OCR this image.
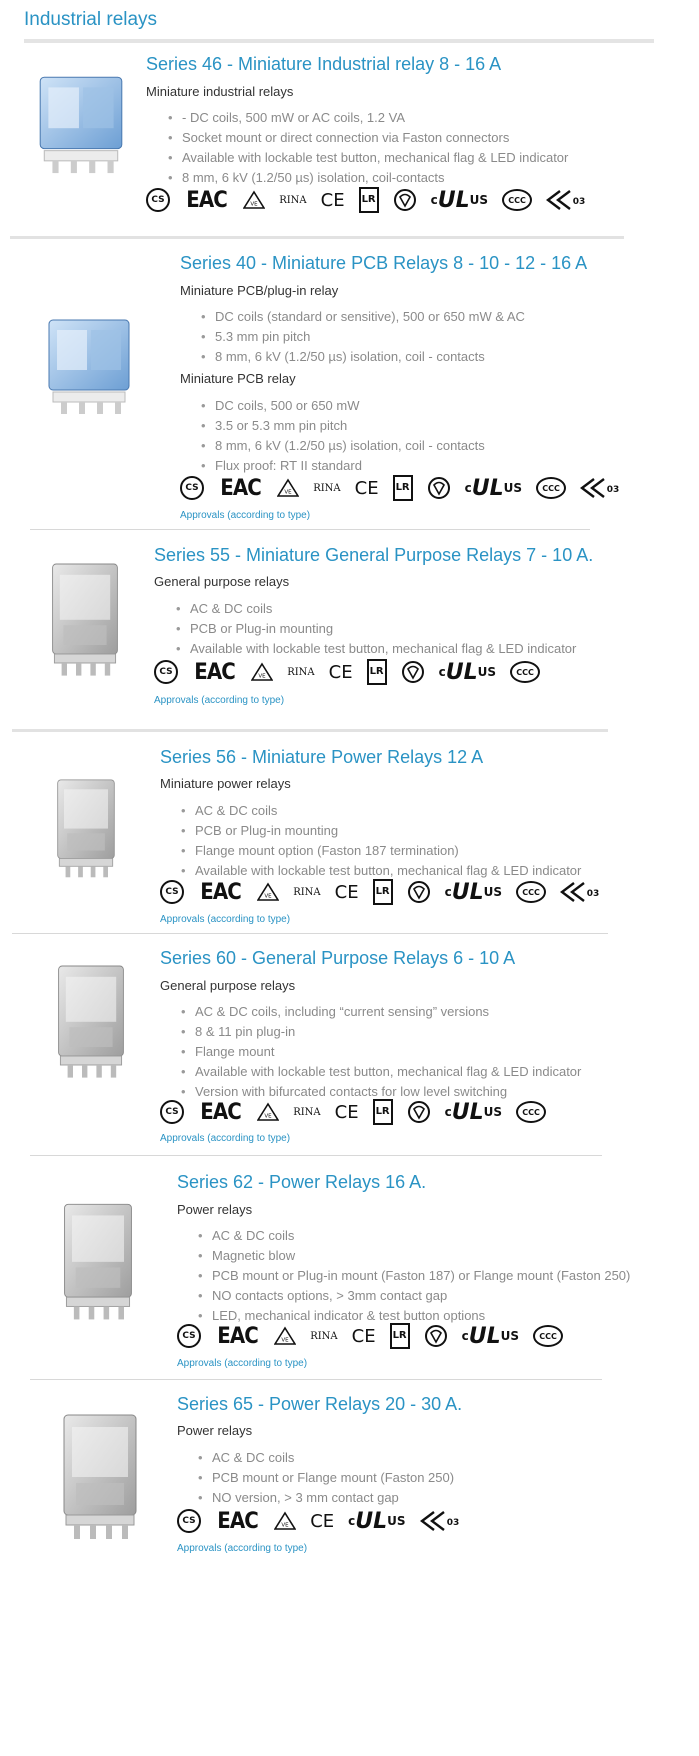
Industrial relays
Series 46 - Miniature Industrial relay 8 - 16 A
Miniature industrial relays
• - DC coils, 500 mW or AC coils, 1.2 VA
• Socket mount or direct connection via Faston connectors
• Available with lockable test button, mechanical flag & LED indicator
• 8 mm, 6 kV (1.2/50 µs) isolation, coil-contacts
CS EAC	VE RINA CE LR	c UL US	CCC	03
Series 40 - Miniature PCB Relays 8 - 10 - 12 - 16 A
Miniature PCB/plug-in relay
• DC coils (standard or sensitive), 500 or 650 mW & AC
• 5.3 mm pin pitch
• 8 mm, 6 kV (1.2/50 µs) isolation, coil - contacts
Miniature PCB relay
• DC coils, 500 or 650 mW
• 3.5 or 5.3 mm pin pitch
• 8 mm, 6 kV (1.2/50 µs) isolation, coil - contacts
• Flux proof: RT II standard
CS EAC	VE RINA CE LR	c UL US	CCC	03
Approvals (according to type)
Series 55 - Miniature General Purpose Relays 7 - 10 A.
General purpose relays
• AC & DC coils
• PCB or Plug-in mounting
• Available with lockable test button, mechanical flag & LED indicator
CS EAC	VE RINA CE LR	c UL US	CCC
Approvals (according to type)
Series 56 - Miniature Power Relays 12 A
Miniature power relays
• AC & DC coils
• PCB or Plug-in mounting
• Flange mount option (Faston 187 termination)
• Available with lockable test button, mechanical flag & LED indicator
CS EAC	VE RINA CE LR	c UL US	CCC	03
Approvals (according to type)
Series 60 - General Purpose Relays 6 - 10 A
General purpose relays
• AC & DC coils, including “current sensing” versions
• 8 & 11 pin plug-in
• Flange mount
• Available with lockable test button, mechanical flag & LED indicator
• Version with bifurcated contacts for low level switching
CS EAC	VE RINA CE LR	c UL US	CCC
Approvals (according to type)
Series 62 - Power Relays 16 A.
Power relays
• AC & DC coils
• Magnetic blow
• PCB mount or Plug-in mount (Faston 187) or Flange mount (Faston 250)
• NO contacts options, > 3mm contact gap
• LED, mechanical indicator & test button options
CS EAC	VE RINA CE LR	c UL US	CCC
Approvals (according to type)
Series 65 - Power Relays 20 - 30 A.
Power relays
• AC & DC coils
• PCB mount or Flange mount (Faston 250)
• NO version, > 3 mm contact gap
CS EAC	VE CE c UL US	03
Approvals (according to type)
